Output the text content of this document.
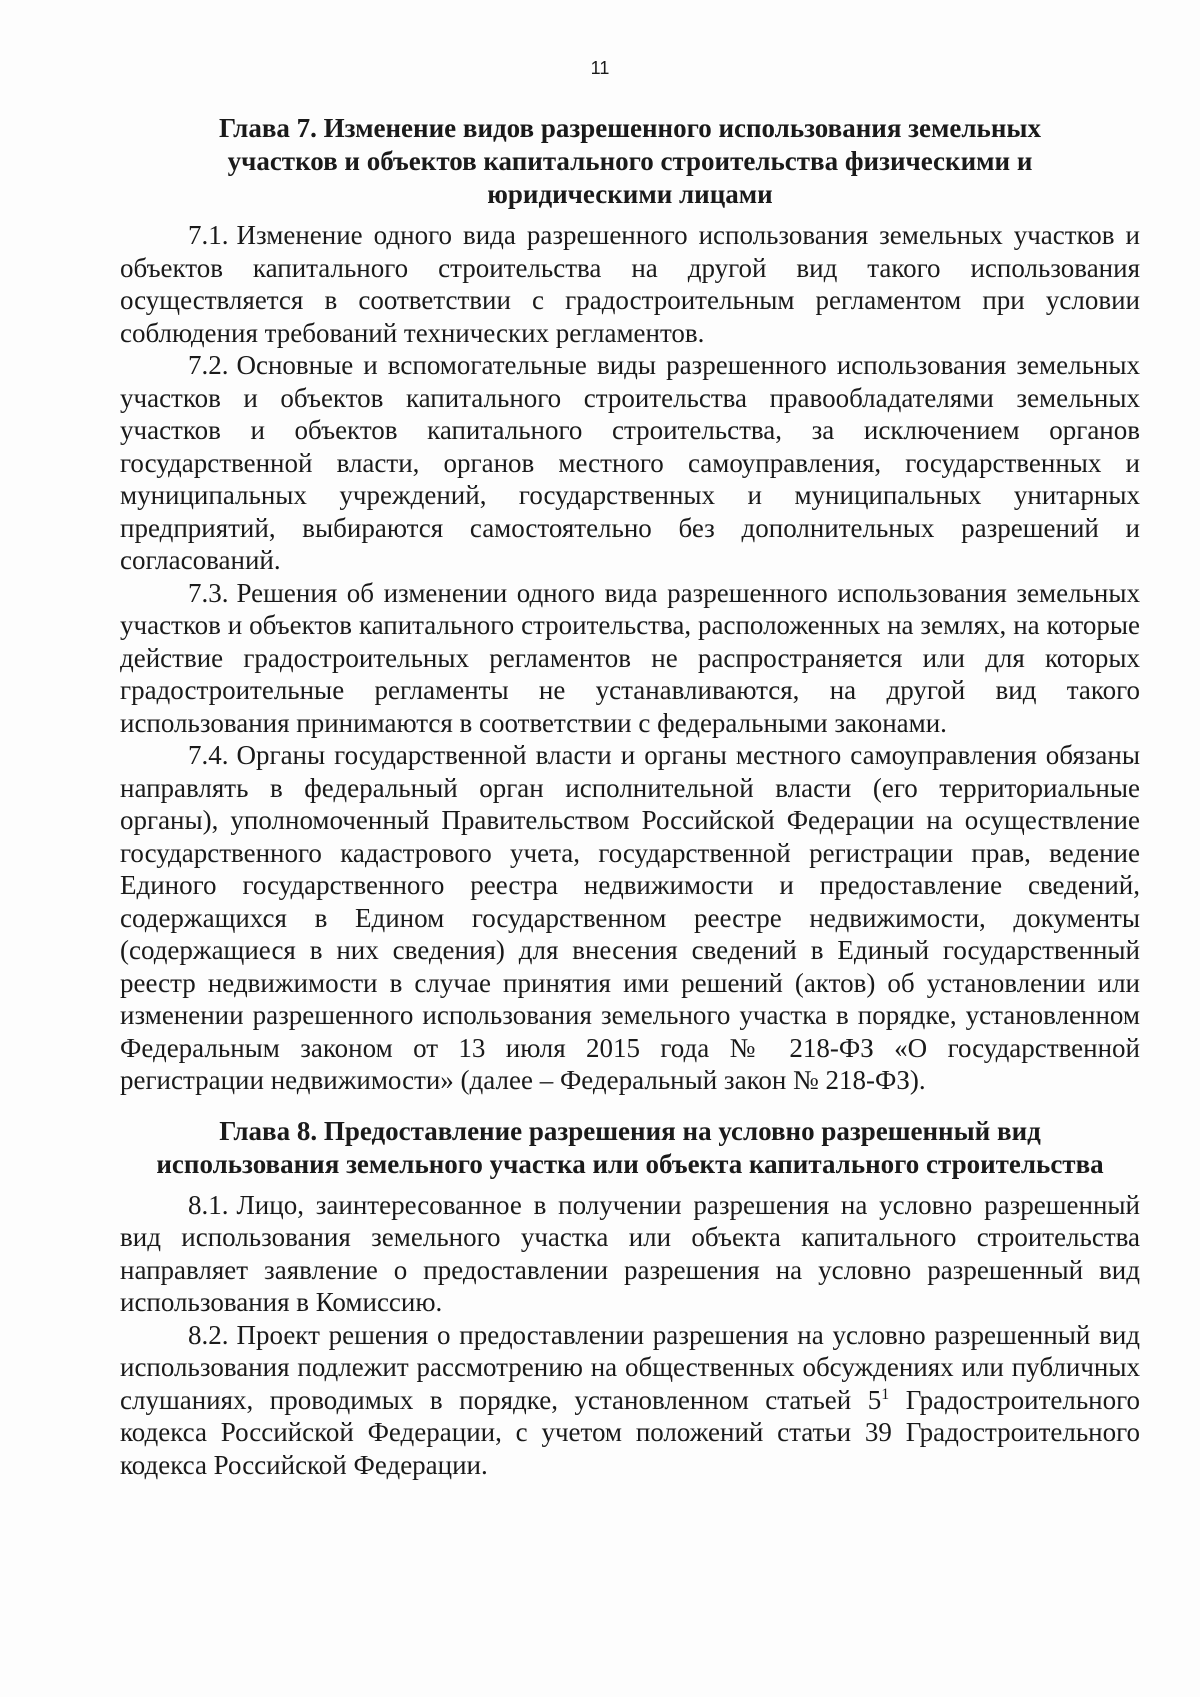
11
Глава 7. Изменение видов разрешенного использования земельных участков и объектов капитального строительства физическими и юридическими лицами

7.1. Изменение одного вида разрешенного использования земельных участков и объектов капитального строительства на другой вид такого использования осуществляется в соответствии с градостроительным регламентом при условии соблюдения требований технических регламентов.

7.2. Основные и вспомогательные виды разрешенного использования земельных участков и объектов капитального строительства правообладателями земельных участков и объектов капитального строительства, за исключением органов государственной власти, органов местного самоуправления, государственных и муниципальных учреждений, государственных и муниципальных унитарных предприятий, выбираются самостоятельно без дополнительных разрешений и согласований.

7.3. Решения об изменении одного вида разрешенного использования земельных участков и объектов капитального строительства, расположенных на землях, на которые действие градостроительных регламентов не распространяется или для которых градостроительные регламенты не устанавливаются, на другой вид такого использования принимаются в соответствии с федеральными законами.

7.4. Органы государственной власти и органы местного самоуправления обязаны направлять в федеральный орган исполнительной власти (его территориальные органы), уполномоченный Правительством Российской Федерации на осуществление государственного кадастрового учета, государственной регистрации прав, ведение Единого государственного реестра недвижимости и предоставление сведений, содержащихся в Едином государственном реестре недвижимости, документы (содержащиеся в них сведения) для внесения сведений в Единый государственный реестр недвижимости в случае принятия ими решений (актов) об установлении или изменении разрешенного использования земельного участка в порядке, установленном Федеральным законом от 13 июля 2015 года № 218-ФЗ «О государственной регистрации недвижимости» (далее – Федеральный закон № 218-ФЗ).

Глава 8. Предоставление разрешения на условно разрешенный вид использования земельного участка или объекта капитального строительства

8.1. Лицо, заинтересованное в получении разрешения на условно разрешенный вид использования земельного участка или объекта капитального строительства направляет заявление о предоставлении разрешения на условно разрешенный вид использования в Комиссию.

8.2. Проект решения о предоставлении разрешения на условно разрешенный вид использования подлежит рассмотрению на общественных обсуждениях или публичных слушаниях, проводимых в порядке, установленном статьей $5^1$ Градостроительного кодекса Российской Федерации, с учетом положений статьи 39 Градостроительного кодекса Российской Федерации.
